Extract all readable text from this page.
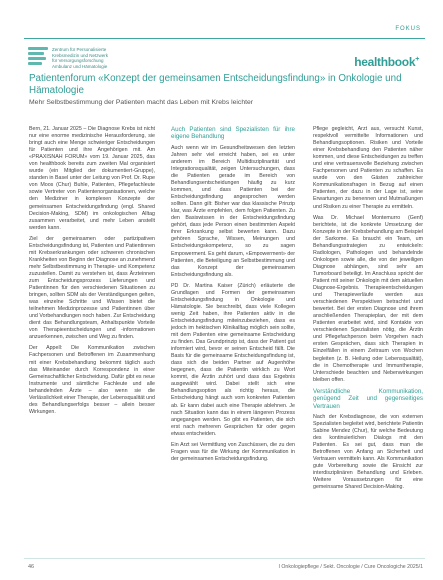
FOKUS
Zentrum für Personalisierte
Krebsmedizin und Netzwerk
für Versorgungsforschung
Ambulanz und Hämatologie	healthbook+
Patientenforum «Konzept der gemeinsamen Entscheidungsfindung» in Onkologie und Hämatologie
Mehr Selbstbestimmung der Patienten macht das Leben mit Krebs leichter

Bern, 21. Januar 2025 – Die Diagnose Krebs ist nicht nur eine enorme medizinische Herausforderung, sie bringt auch eine Menge schwieriger Entscheidungen für Patienten und ihre Angehörigen mit. Am «PRAXISNAH FORUM» vom 19. Januar 2025, das von healthbook bereits zum zweiten Mal organisiert wurde (ein Mitglied der dokumentiert-Gruppe), standen in Basel unter der Leitung von Prof. Dr. Rupe von Moos (Chur) Buhle, Patienten, Pflegefachleute sowie Vertreter von Patientenorganisationen, welche den Mediziner in komplexen Konzepte der gemeinsamen Entscheidungsfindung (engl. Shared Decision-Making, SDM) im onkologischen Alltag zusammen verarbeitet, und mehr Leben anstellt werden kann.

Ziel der gemeinsamen oder partizipativen Entscheidungsfindung ist, Patienten und Patientinnen mit Krebserkrankungen oder schweren chronischen Krankheiten von Beginn der Diagnose an zunehmend mehr Selbstbestimmung in Therapie- und Kompetenz zuzustellen. Damit zu verstehen ist, dass Ärzteinnen zum Entscheidungsprozess Lieferungen und Patientinnen für den verschiedenen Situationen zu bringen, sollten SDM als der Verständigungen gelten, was einzelne Schritte und Wissen bietet die teilnehmen Medizinprozesse und Patientinnen über und Vorbehandlungen noch haben. Zur Entscheidung dient das Behandlungsteam, Anhaltspunkte Vorteile von Therapieentscheidungen und -informationen anzuerkennen, zwischen und Weg zu finden.

Der Appell: Die Kommunikation zwischen Fachpersonen und Betroffenen im Zusammenhang mit einer Krebsbehandlung bekommt täglich auch das Miteinander durch Korrespondenz in einer Gemeinschaftlicher Entscheidung. Dafür gibt es neue Instrumente und sämtliche Fachleute und alle behandelnden Ärzte – also wenn sie die Verlässlichkeit einer Therapie, der Lebensqualität und des Behandlungserfolgs besser – allein besser Wirkungen.

Auch Patienten sind Spezialisten für ihre eigene Behandlung

Auch wenn wir im Gesundheitswesen den letzten Jahren sehr viel erreicht haben, sei es unter anderem im Bereich Multidisziplinarität und Integrationsqualität, zeigen Untersuchungen, dass die Patienten gerade im Bereich von Behandlungsentscheidungen häufig zu kurz kommen, und dass Patienten bei der Entscheidungsfindung angesprochen werden sollten. Dann gilt: Bisher war das klassische Prinzip klar, was Ärzte empfehlen, dem folgen Patienten. Zu den Basiswissen in der Entscheidungsfindung gehört, dass jede Person einen bestimmten Aspekt ihrer Erkrankung selbst bewerten kann. Dazu gehören Sprache, Wissen, Meinungen und Entscheidungskompetenz, so zu sagen Empowerment. Es geht darum, «Empowerment» der Patienten, die Beteiligung an Selbstbestimmung und das Konzept der gemeinsamen Entscheidungsfindung als.

PD Dr. Martina Kaiser (Zürich) erläuterte die Grundlagen und Formen der gemeinsamen Entscheidungsfindung in Onkologie und Hämatologie. Sie beschreibt, dass viele Kollegen wenig Zeit haben, ihre Patienten aktiv in die Entscheidungsfindung miteinzubeziehen, dass es jedoch im hektischen Klinikalltag möglich sein sollte, mit dem Patienten eine gemeinsame Entscheidung zu finden. Das Grundprinzip ist, dass der Patient gut informiert wird, bevor er seinen Entscheid fällt. Die Basis für die gemeinsame Entscheidungsfindung ist, dass sich die beiden Partner auf Augenhöhe begegnen, dass die Patientin wirklich zu Wort kommt, die Ärztin zuhört und dass das Ergebnis ausgewählt wird. Dabei stellt sich eine Behandlungsoption als richtig heraus, die Entscheidung hängt auch vom konkreten Patienten ab. Er kann dabei auch eine Therapie ablehnen. Je nach Situation kann das in einem längeren Prozess angegangen werden. So gibt es Patienten, die sich erst nach mehreren Gesprächen für oder gegen etwas entscheiden.

Ein Arzt sei Vermittlung von Zuschüssen, die zu den Fragen was für die Wirkung der Kommunikation in der gemeinsamen Entscheidungsfindung.

Pflege gegleicht, Arzt aus, versucht Kunst, respektvoll vermittelte Informationen und Behandlungsoptionen. Risiken und Vorteile einer Krebsbehandlung den Patienten näher kommen, und diese Entscheidungen zu treffen und eine vertrauensvolle Beziehung zwischen Fachpersonen und Patienten zu schaffen. Es wurde von den Gästen zahlreicher Kommunikationsfragen in Bezug auf einen Patienten, der dazu in der Lage ist, seine Erwartungen zu benennen und Mutmaßungen und Risiken zu einer Therapie zu ermitteln.

Was Dr. Michael Montemurro (Genf) berichtete, ist die konkrete Umsetzung der Konzepte in der Krebsbehandlung am Beispiel der Sarkome. Es braucht ein Team, um Behandlungsstrategien zu entwickeln: Radiologen, Pathologen und behandelnde Onkologen sowie alle, die von der jeweiligen Diagnose abhängen, sind sehr am Tumorboard beteiligt. Im Anschluss spricht der Patient mit seiner Onkologin mit dem aktuellen Diagnose-Ergebnis. Therapieentscheidungen und Therapieverläufe werden aus verschiedenen Perspektiven betrachtet und bewertet. Bei der ersten Diagnose und ihrem anschließenden Therapieplan, der mit dem Patienten erarbeitet wird, sind Kontakte von verschiedenen Spezialisten nötig, die Ärztin und Pflegefachperson beim Vorgehen nach ersten Gesprächen, dass sich Therapien in Einzelfällen in einem Zeitraum von Wochen begleiten (z. B. Heilung oder Lebensqualität), die in Chemotherapie und Immuntherapie, Unterschiede beachten und Nebenwirkungen bleiben offen.

Verständliche Kommunikation, genügend Zeit und gegenseitiges Vertrauen

Nach der Krebsdiagnose, die von externen Spezialisten begleitet wird, berichtete Patientin Sabine Mendez (Chur), für welche Bedeutung des kontinuierlichen Dialogs mit den Patienten. Es sei gut, dass man die Betroffenen von Anfang an Sicherheit und Vertrauen vermitteln kann. Als Kommunikation gute Vorbereitung sowie die Einsicht zur interdisziplinären Behandlung und Erleben. Weitere Voraussetzungen für eine gemeinsame Shared Decision-Making.

46	I Onkologiepflege / Sekt. Oncologie / Cure Oncologiche 2025/1
